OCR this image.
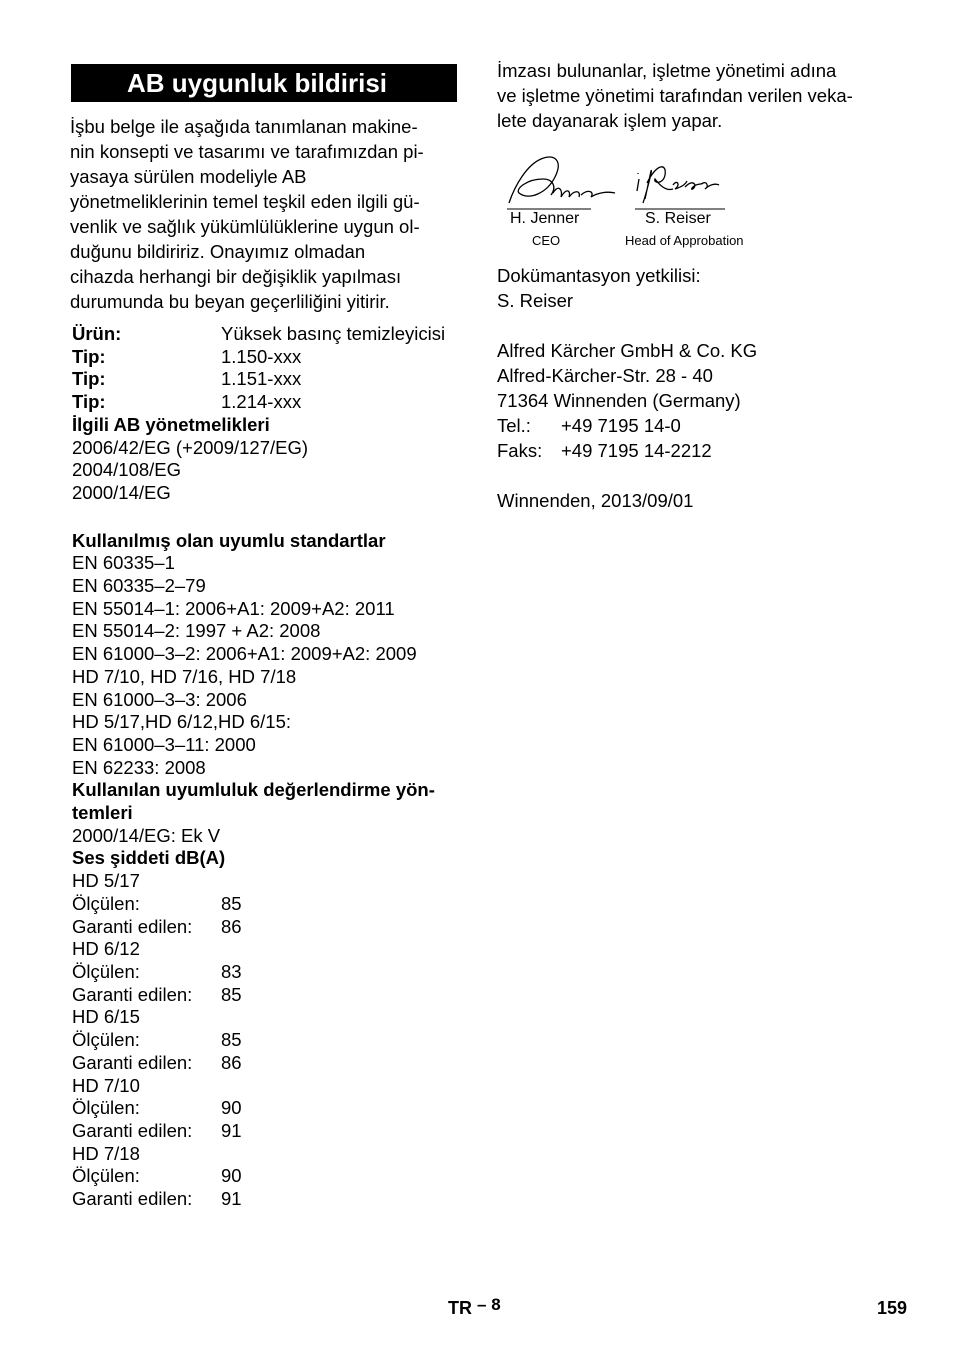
AB uygunluk bildirisi
İşbu belge ile aşağıda tanımlanan makine-
nin konsepti ve tasarımı ve tarafımızdan pi-
yasaya sürülen modeliyle AB
yönetmeliklerinin temel teşkil eden ilgili gü-
venlik ve sağlık yükümlülüklerine uygun ol-
duğunu bildiririz. Onayımız olmadan
cihazda herhangi bir değişiklik yapılması
durumunda bu beyan geçerliliğini yitirir.
Ürün:	Yüksek basınç temizleyicisi
Tip:	1.150-xxx
Tip:	1.151-xxx
Tip:	1.214-xxx
İlgili AB yönetmelikleri
2006/42/EG (+2009/127/EG)
2004/108/EG
2000/14/EG
Kullanılmış olan uyumlu standartlar
EN 60335–1
EN 60335–2–79
EN 55014–1: 2006+A1: 2009+A2: 2011
EN 55014–2: 1997 + A2: 2008
EN 61000–3–2: 2006+A1: 2009+A2: 2009
HD 7/10, HD 7/16, HD 7/18
EN 61000–3–3: 2006
HD 5/17,HD 6/12,HD 6/15:
EN 61000–3–11: 2000
EN 62233: 2008
Kullanılan uyumluluk değerlendirme yön-
temleri
2000/14/EG: Ek V
Ses şiddeti dB(A)
HD 5/17
Ölçülen:	85
Garanti edilen:	86
HD 6/12
Ölçülen:	83
Garanti edilen:	85
HD 6/15
Ölçülen:	85
Garanti edilen:	86
HD 7/10
Ölçülen:	90
Garanti edilen:	91
HD 7/18
Ölçülen:	90
Garanti edilen:	91
İmzası bulunanlar, işletme yönetimi adına
ve işletme yönetimi tarafından verilen veka-
lete dayanarak işlem yapar.
H. Jenner
CEO
S. Reiser
Head of Approbation
Dokümantasyon yetkilisi:
S. Reiser
Alfred Kärcher GmbH & Co. KG
Alfred-Kärcher-Str. 28 - 40
71364 Winnenden (Germany)
Tel.:	+49 7195 14-0
Faks:	+49 7195 14-2212
Winnenden, 2013/09/01
TR – 8	159
